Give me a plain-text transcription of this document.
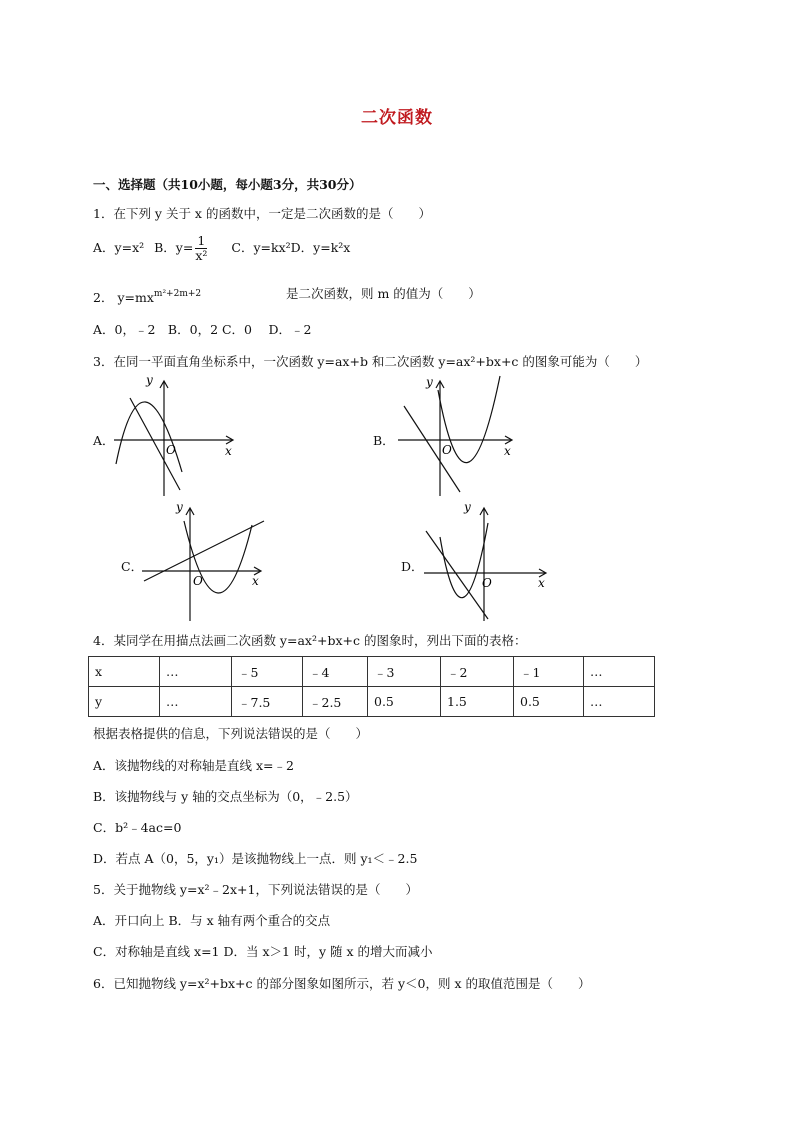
二次函数
一、选择题（共10小题，每小题3分，共30分）
1．在下列 y 关于 x 的函数中，一定是二次函数的是（　　）
A．y=x² B．$y= \frac{1}{\text{x²}}$ C．y=kx²D．y=k²x
2． $y=mx^{m^2+2m+2}$	是二次函数，则 m 的值为（　　）
A．0，﹣2　B．0，2 C．0　 D．﹣2
3．在同一平面直角坐标系中，一次函数 y=ax+b 和二次函数 y=ax²+bx+c 的图象可能为（　　）
A．
y
x
O
B．
y
x
O
C．
y
x
O
D．
y
x
O
4．某同学在用描点法画二次函数 y=ax²+bx+c 的图象时，列出下面的表格：
x	…	﹣5	﹣4	﹣3	﹣2	﹣1	…
y	…	﹣7.5	﹣2.5	0.5	1.5	0.5	…
根据表格提供的信息，下列说法错误的是（　　）
A．该抛物线的对称轴是直线 x=﹣2
B．该抛物线与 y 轴的交点坐标为（0，﹣2.5）
C．b²﹣4ac=0
D．若点 A（0，5，y₁）是该抛物线上一点．则 y₁＜﹣2.5
5．关于抛物线 y=x²﹣2x+1，下列说法错误的是（　　）
A．开口向上 B．与 x 轴有两个重合的交点
C．对称轴是直线 x=1 D．当 x＞1 时，y 随 x 的增大而减小
6．已知抛物线 y=x²+bx+c 的部分图象如图所示，若 y＜0，则 x 的取值范围是（　　）
